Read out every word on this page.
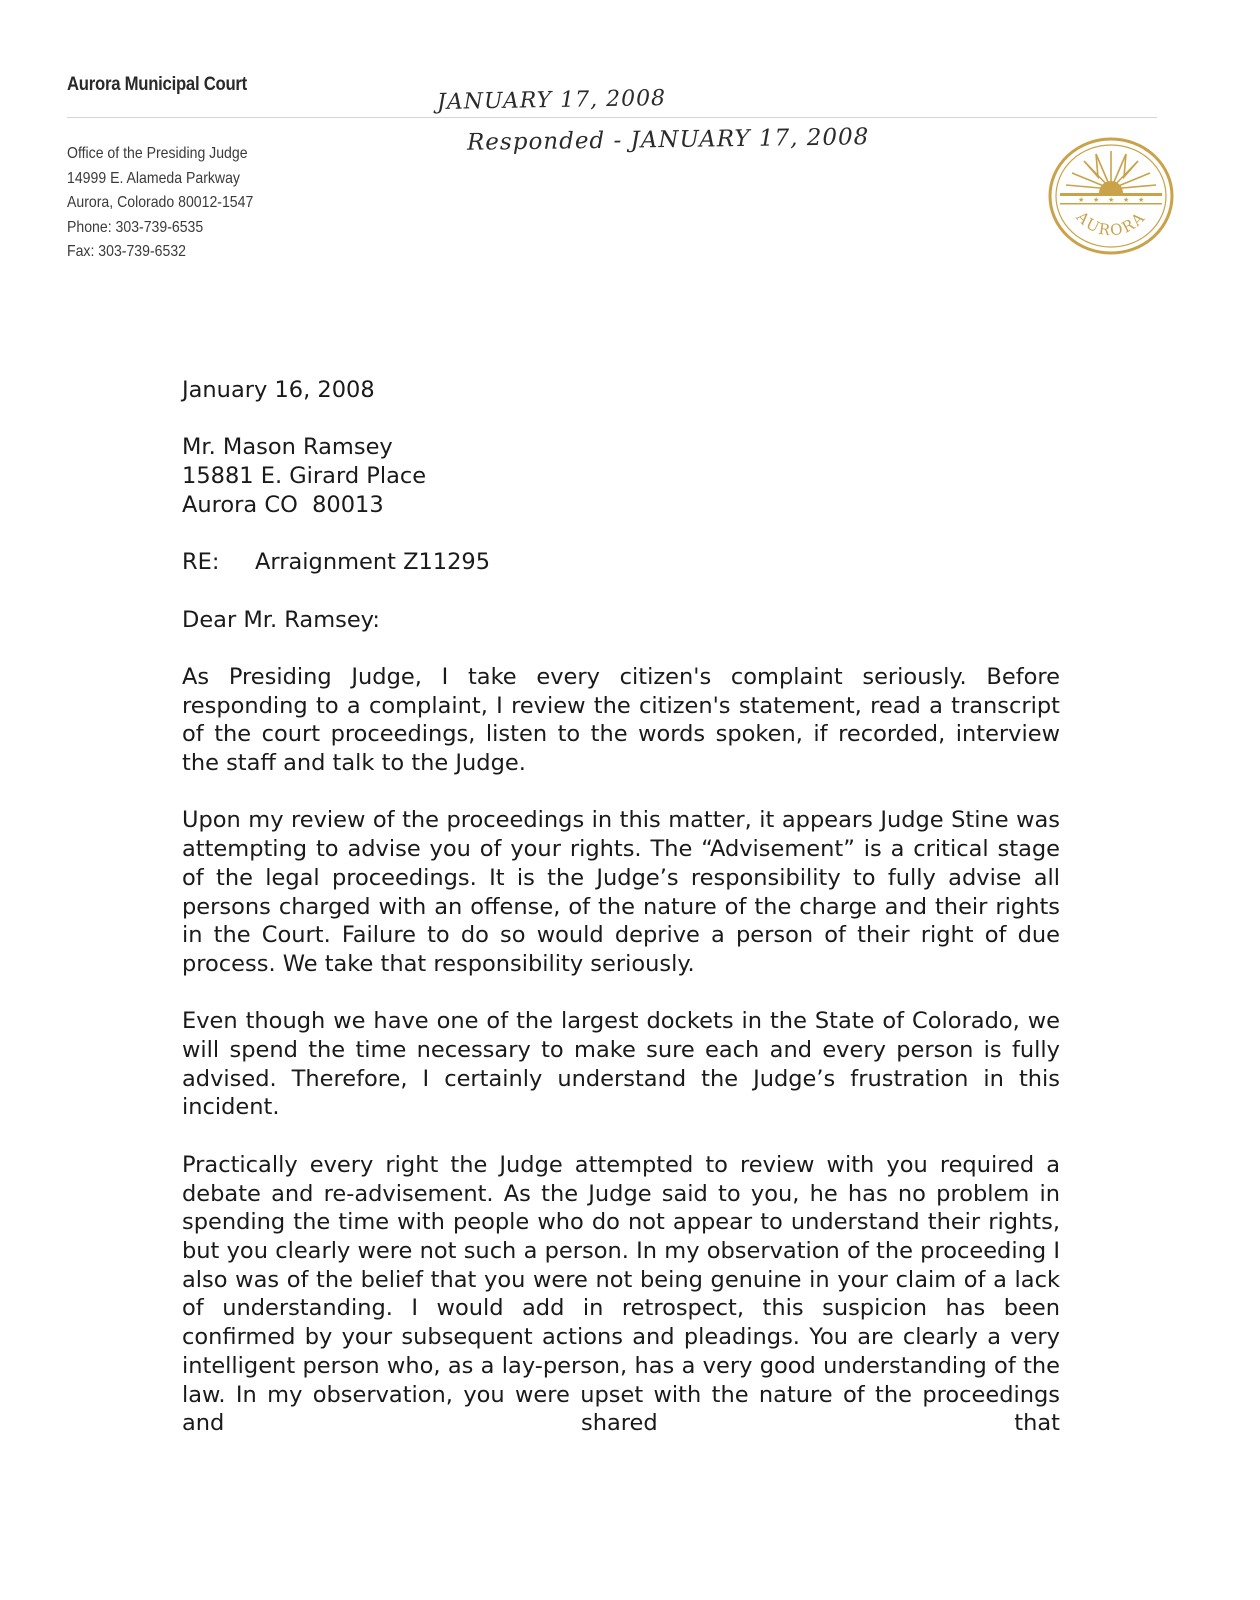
Aurora Municipal Court
Office of the Presiding Judge
14999 E. Alameda Parkway
Aurora, Colorado 80012-1547
Phone: 303-739-6535
Fax: 303-739-6532
JANUARY 17, 2008
Responded - JANUARY 17, 2008
★ ★ ★ ★ ★
AURORA

January 16, 2008

Mr. Mason Ramsey
15881 E. Girard Place
Aurora CO  80013

RE: Arraignment Z11295

Dear Mr. Ramsey:

As Presiding Judge, I take every citizen's complaint seriously. Before responding to a complaint, I review the citizen's statement, read a transcript of the court proceedings, listen to the words spoken, if recorded, interview the staff and talk to the Judge.

Upon my review of the proceedings in this matter, it appears Judge Stine was attempting to advise you of your rights. The “Advisement” is a critical stage of the legal proceedings. It is the Judge’s responsibility to fully advise all persons charged with an offense, of the nature of the charge and their rights in the Court. Failure to do so would deprive a person of their right of due process. We take that responsibility seriously.

Even though we have one of the largest dockets in the State of Colorado, we will spend the time necessary to make sure each and every person is fully advised. Therefore, I certainly understand the Judge’s frustration in this incident.

Practically every right the Judge attempted to review with you required a debate and re-advisement. As the Judge said to you, he has no problem in spending the time with people who do not appear to understand their rights, but you clearly were not such a person. In my observation of the proceeding I also was of the belief that you were not being genuine in your claim of a lack of understanding. I would add in retrospect, this suspicion has been confirmed by your subsequent actions and pleadings. You are clearly a very intelligent person who, as a lay-person, has a very good understanding of the law. In my observation, you were upset with the nature of the proceedings and shared that
